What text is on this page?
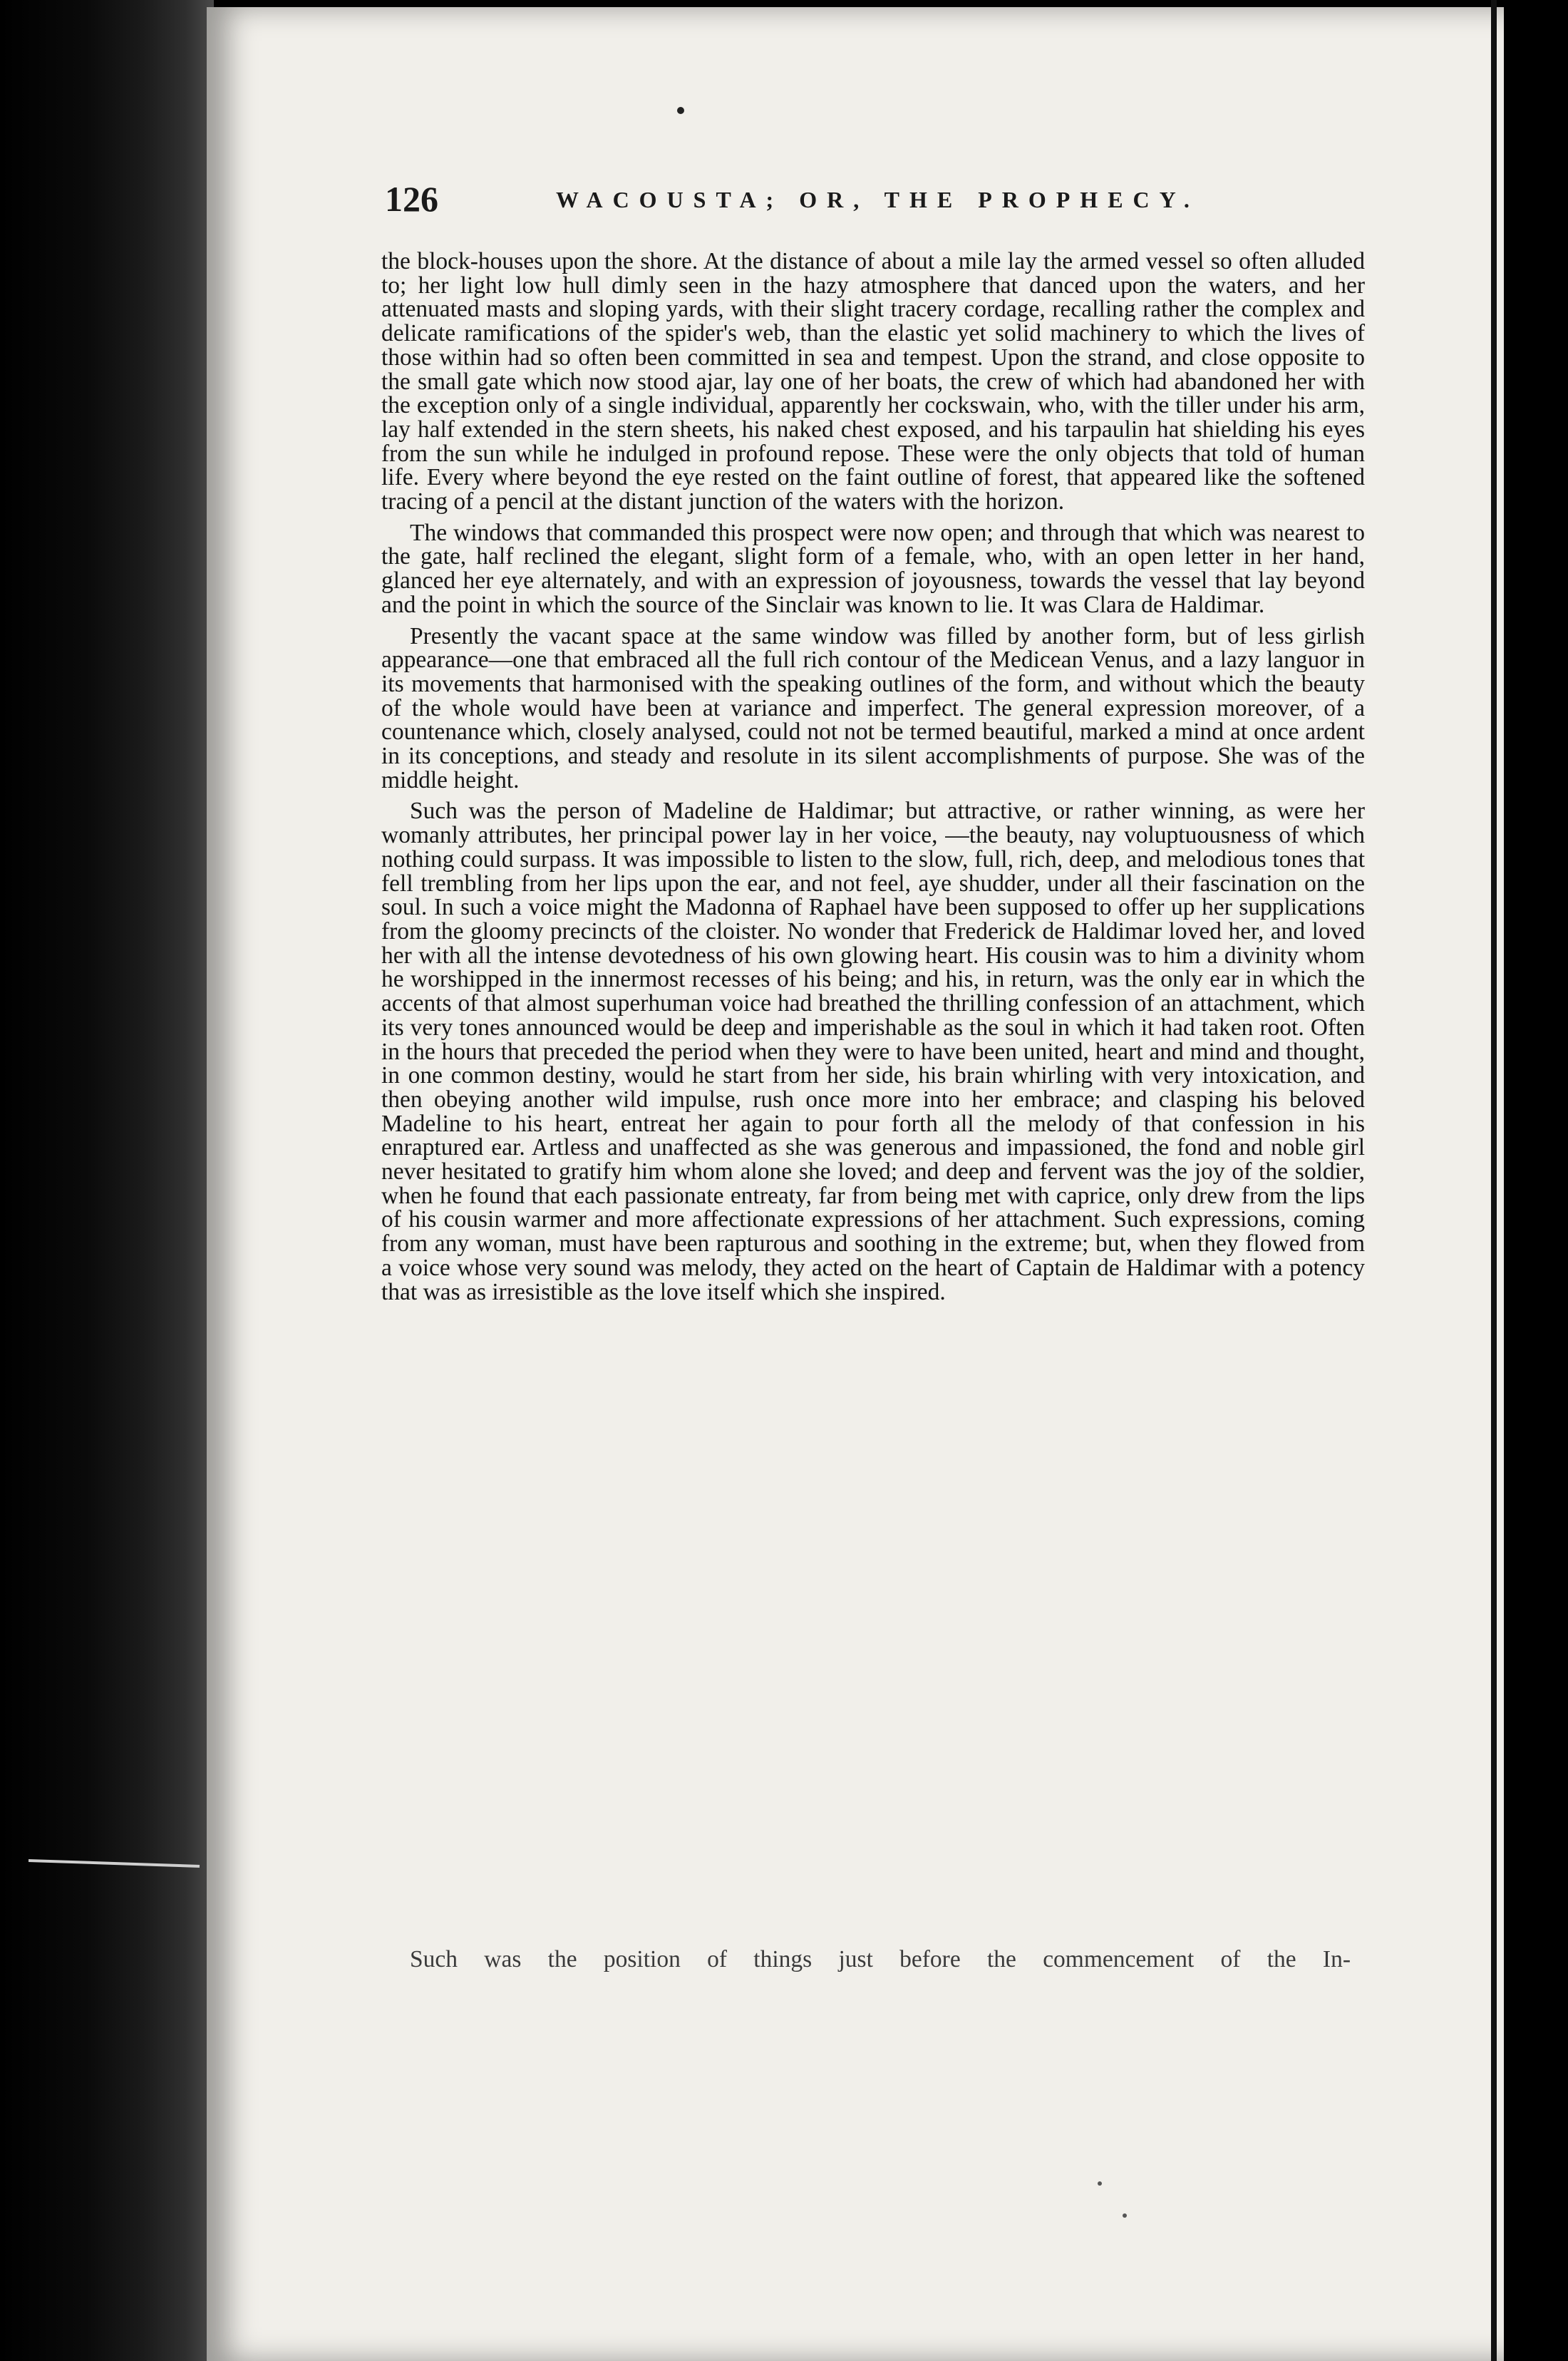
126	WACOUSTA; OR, THE PROPHECY.

the block-houses upon the shore. At the distance of about a mile lay the armed vessel so often alluded to; her light low hull dimly seen in the hazy atmosphere that danced upon the waters, and her attenuated masts and sloping yards, with their slight tracery cordage, recalling rather the complex and delicate ramifications of the spider's web, than the elastic yet solid machinery to which the lives of those within had so often been committed in sea and tempest. Upon the strand, and close opposite to the small gate which now stood ajar, lay one of her boats, the crew of which had abandoned her with the exception only of a single individual, apparently her cockswain, who, with the tiller under his arm, lay half extended in the stern sheets, his naked chest exposed, and his tarpaulin hat shielding his eyes from the sun while he indulged in profound repose. These were the only objects that told of human life. Every where beyond the eye rested on the faint outline of forest, that appeared like the softened tracing of a pencil at the distant junction of the waters with the horizon.

The windows that commanded this prospect were now open; and through that which was nearest to the gate, half reclined the elegant, slight form of a female, who, with an open letter in her hand, glanced her eye alternately, and with an expression of joyousness, towards the vessel that lay beyond and the point in which the source of the Sinclair was known to lie. It was Clara de Haldimar.

Presently the vacant space at the same window was filled by another form, but of less girlish appearance—one that embraced all the full rich contour of the Medicean Venus, and a lazy languor in its movements that harmonised with the speaking outlines of the form, and without which the beauty of the whole would have been at variance and imperfect. The general expression moreover, of a countenance which, closely analysed, could not not be termed beautiful, marked a mind at once ardent in its conceptions, and steady and resolute in its silent accomplishments of purpose. She was of the middle height.

Such was the person of Madeline de Haldimar; but attractive, or rather winning, as were her womanly attributes, her principal power lay in her voice, —the beauty, nay voluptuousness of which nothing could surpass. It was impossible to listen to the slow, full, rich, deep, and melodious tones that fell trembling from her lips upon the ear, and not feel, aye shudder, under all their fascination on the soul. In such a voice might the Madonna of Raphael have been supposed to offer up her supplications from the gloomy precincts of the cloister. No wonder that Frederick de Haldimar loved her, and loved her with all the intense devotedness of his own glowing heart. His cousin was to him a divinity whom he worshipped in the innermost recesses of his being; and his, in return, was the only ear in which the accents of that almost superhuman voice had breathed the thrilling confession of an attachment, which its very tones announced would be deep and imperishable as the soul in which it had taken root. Often in the hours that preceded the period when they were to have been united, heart and mind and thought, in one common destiny, would he start from her side, his brain whirling with very intoxication, and then obeying another wild impulse, rush once more into her embrace; and clasping his beloved Madeline to his heart, entreat her again to pour forth all the melody of that confession in his enraptured ear. Artless and unaffected as she was generous and impassioned, the fond and noble girl never hesitated to gratify him whom alone she loved; and deep and fervent was the joy of the soldier, when he found that each passionate entreaty, far from being met with caprice, only drew from the lips of his cousin warmer and more affectionate expressions of her attachment. Such expressions, coming from any woman, must have been rapturous and soothing in the extreme; but, when they flowed from a voice whose very sound was melody, they acted on the heart of Captain de Haldimar with a potency that was as irresistible as the love itself which she inspired.

Such was the position of things just before the commencement of the In-
